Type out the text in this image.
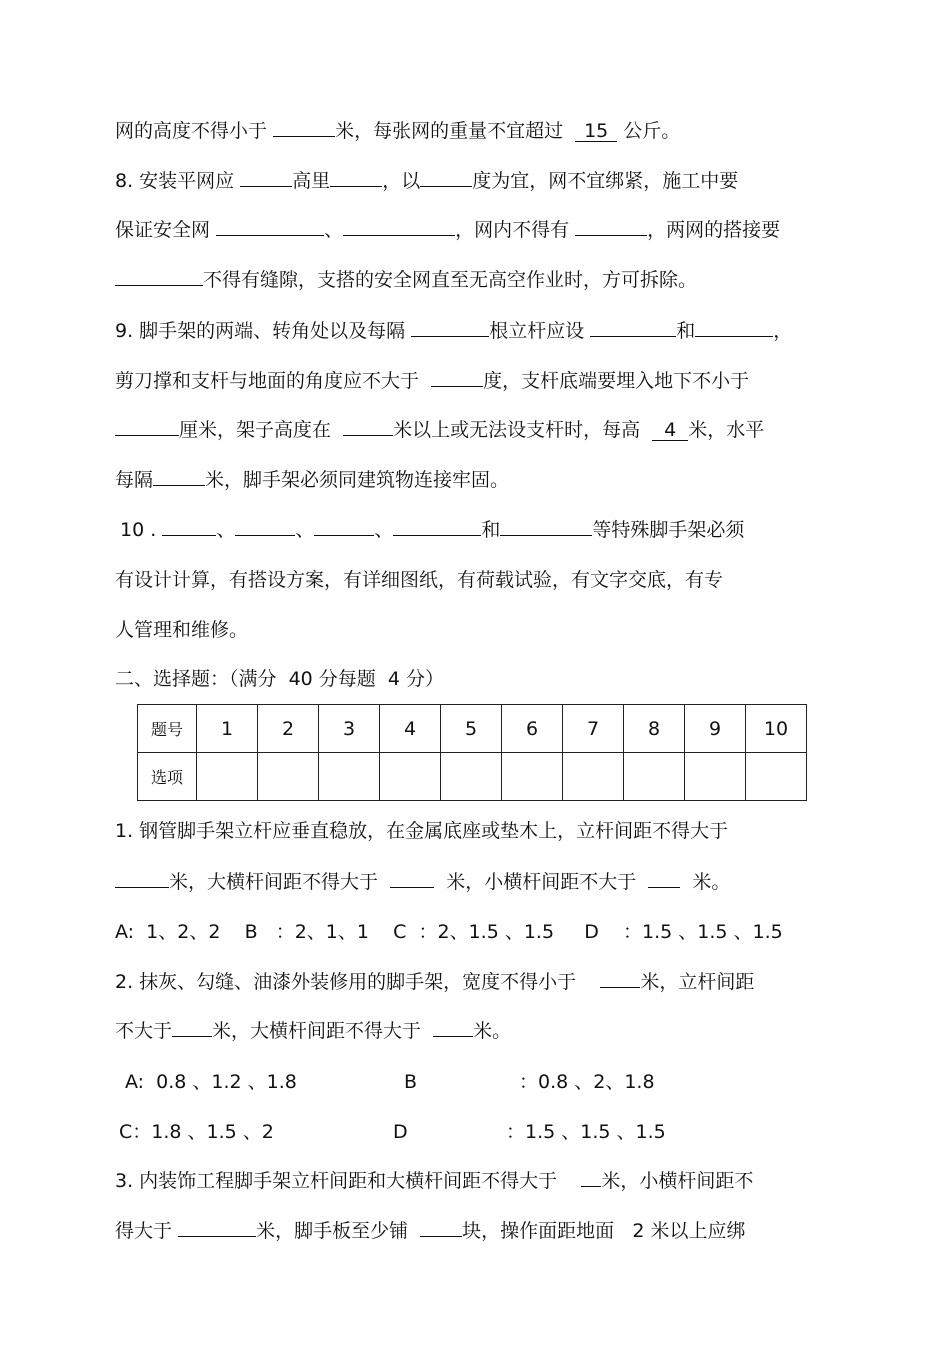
网的高度不得小于	米，每张网的重量不宜超过 15 公斤。
8. 安装平网应	高里	，以	度为宜，网不宜绑紧，施工中要
保证安全网	、	，网内不得有	，两网的搭接要
不得有缝隙，支搭的安全网直至无高空作业时，方可拆除。
9. 脚手架的两端、转角处以及每隔	根立杆应设	和	，
剪刀撑和支杆与地面的角度应不大于	度，支杆底端要埋入地下不小于
厘米，架子高度在	米以上或无法设支杆时，每高 4 米，水平
每隔	米，脚手架必须同建筑物连接牢固。
10 .	、	、	、	和	等特殊脚手架必须
有设计计算，有搭设方案，有详细图纸，有荷载试验，有文字交底，有专
人管理和维修。
二、选择题：（满分  40 分每题  4 分）
题号	1	2	3	4	5	6	7	8	9	10
选项										
1. 钢管脚手架立杆应垂直稳放，在金属底座或垫木上，立杆间距不得大于
米，大横杆间距不得大于	米，小横杆间距不大于	米。
A:  1、2、2    B   ：2、1、1    C  ：2、1.5 、1.5     D    ：1.5 、1.5 、1.5
2. 抹灰、勾缝、油漆外装修用的脚手架，宽度不得小于	米，立杆间距
不大于 米，大横杆间距不得大于	米。
A:  0.8 、1.2 、1.8	B	：0.8 、2、1.8
C：1.8 、1.5 、2	D	：1.5 、1.5 、1.5
3. 内装饰工程脚手架立杆间距和大横杆间距不得大于 米，小横杆间距不
得大于	米，脚手板至少铺	块，操作面距地面 2 米以上应绑
